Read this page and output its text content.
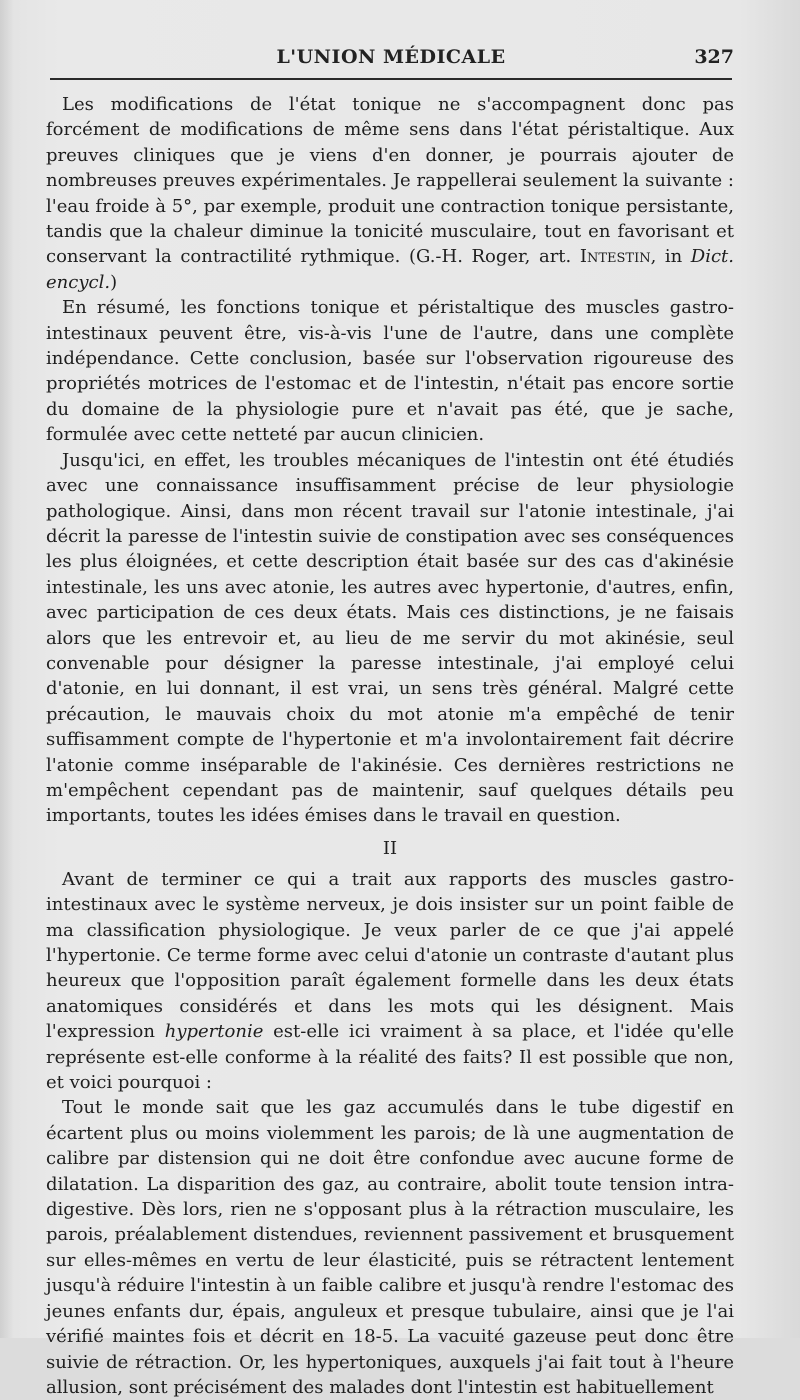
L'UNION MÉDICALE	327

Les modifications de l'état tonique ne s'accompagnent donc pas forcément de modifications de même sens dans l'état péristaltique. Aux preuves cliniques que je viens d'en donner, je pourrais ajouter de nombreuses preuves expérimentales. Je rappellerai seulement la suivante : l'eau froide à 5°, par exemple, produit une contraction tonique persistante, tandis que la chaleur diminue la tonicité musculaire, tout en favorisant et conservant la contractilité rythmique. (G.-H. Roger, art. Intestin, in Dict. encycl.)

En résumé, les fonctions tonique et péristaltique des muscles gastro-intestinaux peuvent être, vis-à-vis l'une de l'autre, dans une complète indépendance. Cette conclusion, basée sur l'observation rigoureuse des propriétés motrices de l'estomac et de l'intestin, n'était pas encore sortie du domaine de la physiologie pure et n'avait pas été, que je sache, formulée avec cette netteté par aucun clinicien.

Jusqu'ici, en effet, les troubles mécaniques de l'intestin ont été étudiés avec une connaissance insuffisamment précise de leur physiologie pathologique. Ainsi, dans mon récent travail sur l'atonie intestinale, j'ai décrit la paresse de l'intestin suivie de constipation avec ses conséquences les plus éloignées, et cette description était basée sur des cas d'akinésie intestinale, les uns avec atonie, les autres avec hypertonie, d'autres, enfin, avec participation de ces deux états. Mais ces distinctions, je ne faisais alors que les entrevoir et, au lieu de me servir du mot akinésie, seul convenable pour désigner la paresse intestinale, j'ai employé celui d'atonie, en lui donnant, il est vrai, un sens très général. Malgré cette précaution, le mauvais choix du mot atonie m'a empêché de tenir suffisamment compte de l'hypertonie et m'a involontairement fait décrire l'atonie comme inséparable de l'akinésie. Ces dernières restrictions ne m'empêchent cependant pas de maintenir, sauf quelques détails peu importants, toutes les idées émises dans le travail en question.

II

Avant de terminer ce qui a trait aux rapports des muscles gastro-intestinaux avec le système nerveux, je dois insister sur un point faible de ma classification physiologique. Je veux parler de ce que j'ai appelé l'hypertonie. Ce terme forme avec celui d'atonie un contraste d'autant plus heureux que l'opposition paraît également formelle dans les deux états anatomiques considérés et dans les mots qui les désignent. Mais l'expression hypertonie est-elle ici vraiment à sa place, et l'idée qu'elle représente est-elle conforme à la réalité des faits? Il est possible que non, et voici pourquoi :

Tout le monde sait que les gaz accumulés dans le tube digestif en écartent plus ou moins violemment les parois; de là une augmentation de calibre par distension qui ne doit être confondue avec aucune forme de dilatation. La disparition des gaz, au contraire, abolit toute tension intra-digestive. Dès lors, rien ne s'opposant plus à la rétraction musculaire, les parois, préalablement distendues, reviennent passivement et brusquement sur elles-mêmes en vertu de leur élasticité, puis se rétractent lentement jusqu'à réduire l'intestin à un faible calibre et jusqu'à rendre l'estomac des jeunes enfants dur, épais, anguleux et presque tubulaire, ainsi que je l'ai vérifié maintes fois et décrit en 18-5. La vacuité gazeuse peut donc être suivie de rétraction. Or, les hypertoniques, auxquels j'ai fait tout à l'heure allusion, sont précisément des malades dont l'intestin est habituellement
